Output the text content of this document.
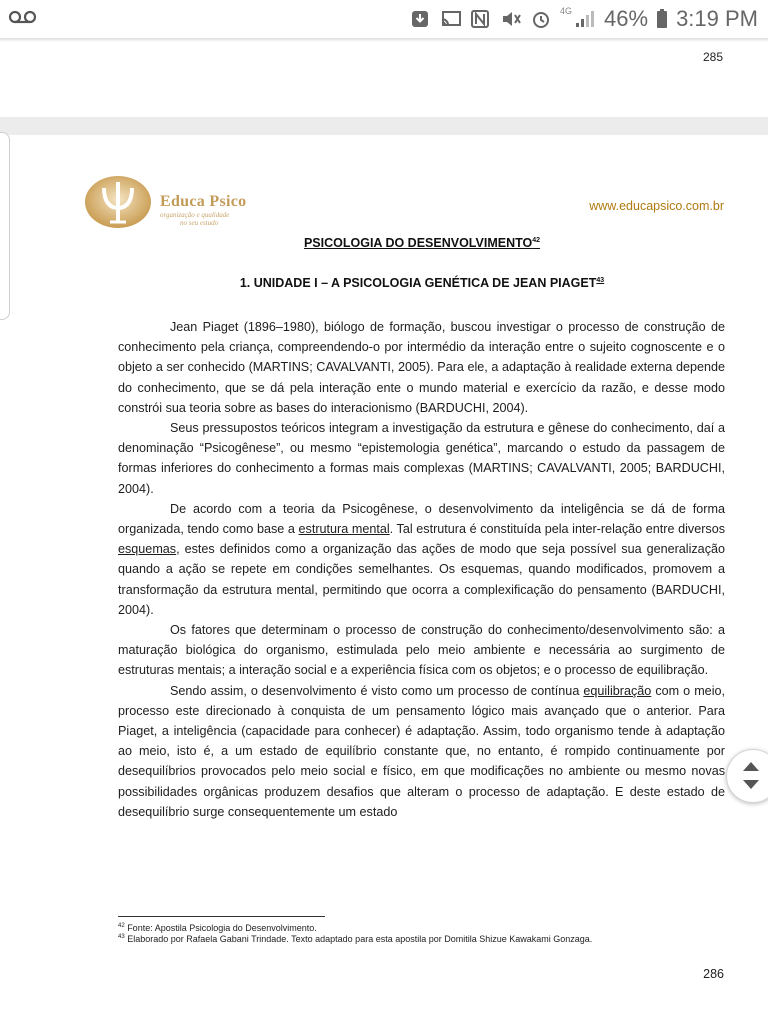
4G 46% 3:19 PM
285
Educa Psico
organização e qualidade
no seu estudo
www.educapsico.com.br
PSICOLOGIA DO DESENVOLVIMENTO$^{42}$
1. UNIDADE I – A PSICOLOGIA GENÉTICA DE JEAN PIAGET$^{43}$

Jean Piaget (1896–1980), biólogo de formação, buscou investigar o processo de construção de conhecimento pela criança, compreendendo-o por intermédio da interação entre o sujeito cognoscente e o objeto a ser conhecido (MARTINS; CAVALVANTI, 2005). Para ele, a adaptação à realidade externa depende do conhecimento, que se dá pela interação ente o mundo material e exercício da razão, e desse modo constrói sua teoria sobre as bases do interacionismo (BARDUCHI, 2004).

Seus pressupostos teóricos integram a investigação da estrutura e gênese do conhecimento, daí a denominação “Psicogênese”, ou mesmo “epistemologia genética”, marcando o estudo da passagem de formas inferiores do conhecimento a formas mais complexas (MARTINS; CAVALVANTI, 2005; BARDUCHI, 2004).

De acordo com a teoria da Psicogênese, o desenvolvimento da inteligência se dá de forma organizada, tendo como base a estrutura mental. Tal estrutura é constituída pela inter-relação entre diversos esquemas, estes definidos como a organização das ações de modo que seja possível sua generalização quando a ação se repete em condições semelhantes. Os esquemas, quando modificados, promovem a transformação da estrutura mental, permitindo que ocorra a complexificação do pensamento (BARDUCHI, 2004).

Os fatores que determinam o processo de construção do conhecimento/desenvolvimento são: a maturação biológica do organismo, estimulada pelo meio ambiente e necessária ao surgimento de estruturas mentais; a interação social e a experiência física com os objetos; e o processo de equilibração.

Sendo assim, o desenvolvimento é visto como um processo de contínua equilibração com o meio, processo este direcionado à conquista de um pensamento lógico mais avançado que o anterior. Para Piaget, a inteligência (capacidade para conhecer) é adaptação. Assim, todo organismo tende à adaptação ao meio, isto é, a um estado de equilíbrio constante que, no entanto, é rompido continuamente por desequilíbrios provocados pelo meio social e físico, em que modificações no ambiente ou mesmo novas possibilidades orgânicas produzem desafios que alteram o processo de adaptação. E deste estado de desequilíbrio surge consequentemente um estado

$^{42}$ Fonte: Apostila Psicologia do Desenvolvimento.
$^{43}$ Elaborado por Rafaela Gabani Trindade. Texto adaptado para esta apostila por Domitila Shizue Kawakami Gonzaga.
286
